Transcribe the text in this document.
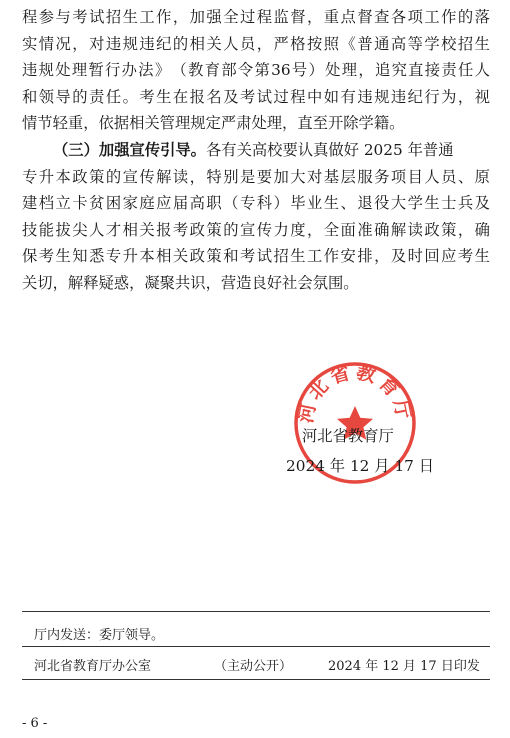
程 参 与 考 试 招 生 工 作 ， 加 强 全 过 程 监 督 ， 重 点 督 查 各 项 工 作 的 落
实 情 况 ， 对 违 规 违 纪 的 相 关 人 员 ， 严 格 按 照 《 普 通 高 等 学 校 招 生
违 规 处 理 暂 行 办 法 》 （ 教 育 部 令 第 36 号 ） 处 理 ， 追 究 直 接 责 任 人
和 领 导 的 责 任 。 考 生 在 报 名 及 考 试 过 程 中 如 有 违 规 违 纪 行 为 ， 视
情节轻重，依据相关管理规定严肃处理，直至开除学籍。
（三）加强宣传引导。各有关高校要认真做好 2025 年普通
专 升 本 政 策 的 宣 传 解 读 ， 特 别 是 要 加 大 对 基 层 服 务 项 目 人 员 、 原
建 档 立 卡 贫 困 家 庭 应 届 高 职 （ 专 科 ） 毕 业 生 、 退 役 大 学 生 士 兵 及
技 能 拔 尖 人 才 相 关 报 考 政 策 的 宣 传 力 度 ， 全 面 准 确 解 读 政 策 ， 确
保 考 生 知 悉 专 升 本 相 关 政 策 和 考 试 招 生 工 作 安 排 ， 及 时 回 应 考 生
关切，解释疑惑，凝聚共识，营造良好社会氛围。
河北省教育厅
河北省教育厅
2024 年 12 月 17 日
厅内发送：委厅领导。
河北省教育厅办公室	（主动公开）	2024 年 12 月 17 日印发
- 6 -
